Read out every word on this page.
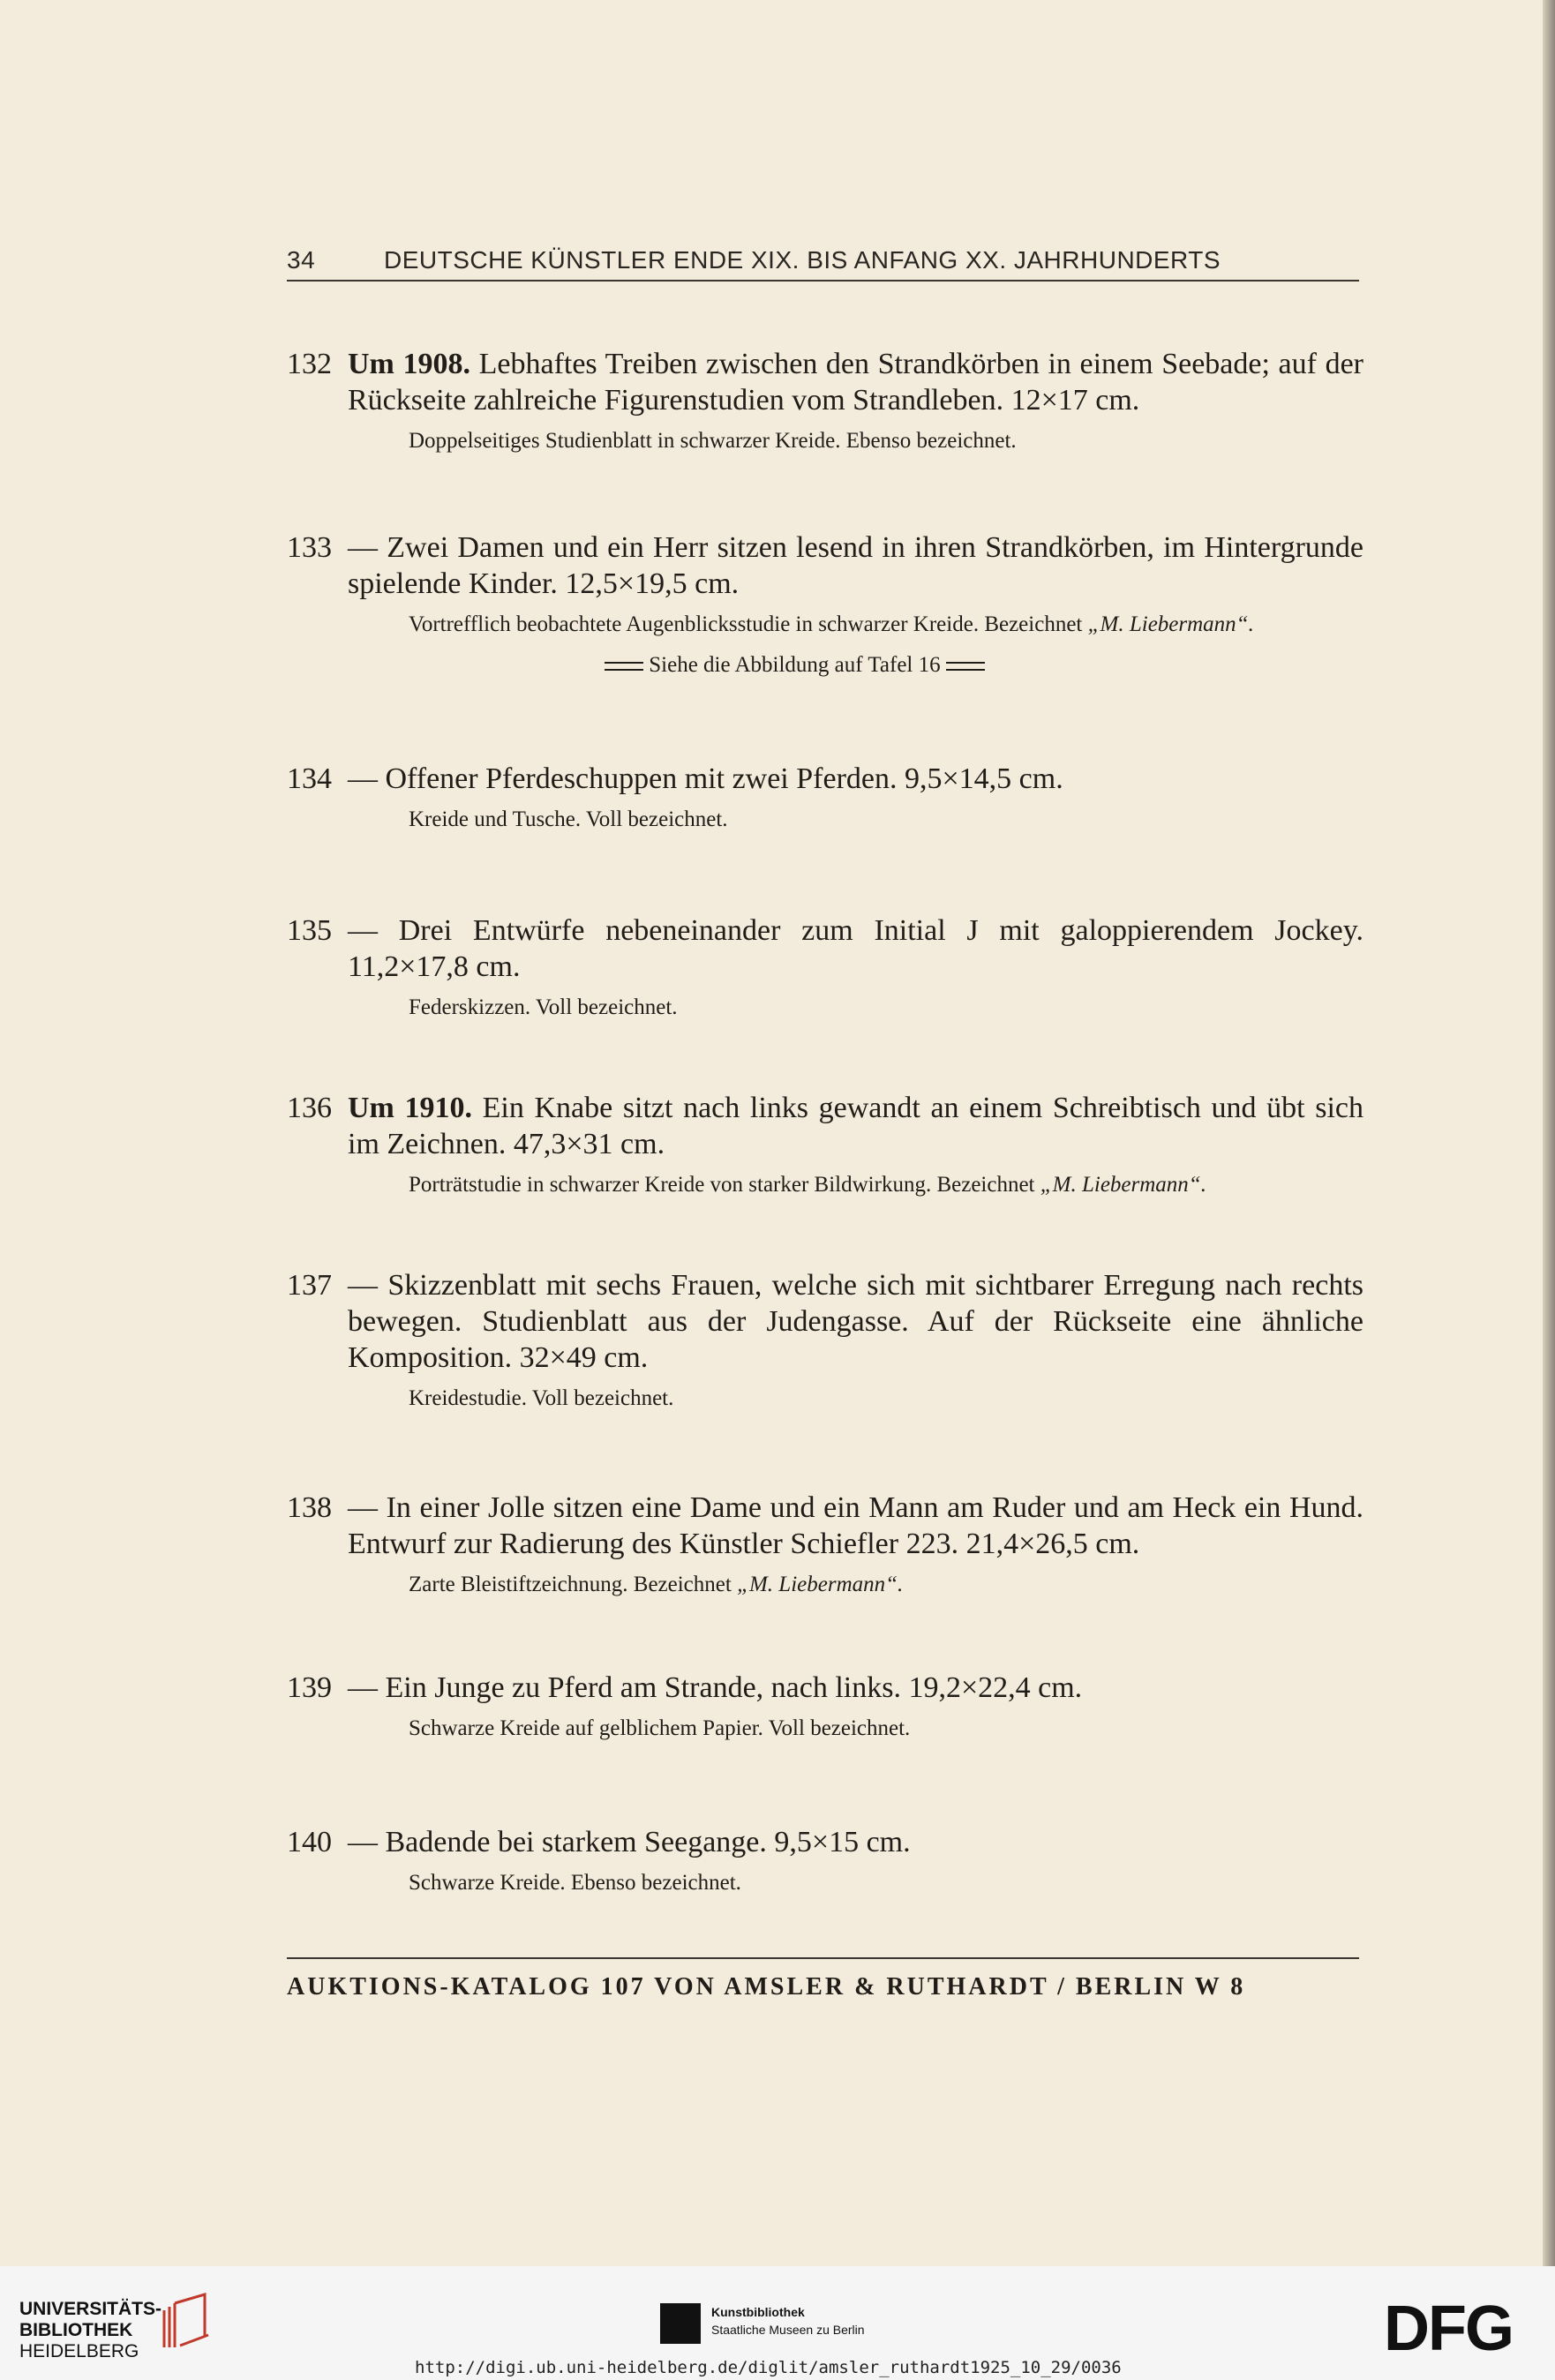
34	DEUTSCHE KÜNSTLER ENDE XIX. BIS ANFANG XX. JAHRHUNDERTS
132 Um 1908. Lebhaftes Treiben zwischen den Strandkörben in einem Seebade; auf der Rückseite zahlreiche Figurenstudien vom Strandleben. 12×17 cm.
Doppelseitiges Studienblatt in schwarzer Kreide. Ebenso bezeichnet.
133 — Zwei Damen und ein Herr sitzen lesend in ihren Strandkörben, im Hintergrunde spielende Kinder. 12,5×19,5 cm.
Vortrefflich beobachtete Augenblicksstudie in schwarzer Kreide. Bezeichnet „M. Liebermann“.
Siehe die Abbildung auf Tafel 16
134 — Offener Pferdeschuppen mit zwei Pferden. 9,5×14,5 cm.
Kreide und Tusche. Voll bezeichnet.
135 — Drei Entwürfe nebeneinander zum Initial J mit galoppierendem Jockey. 11,2×17,8 cm.
Federskizzen. Voll bezeichnet.
136 Um 1910. Ein Knabe sitzt nach links gewandt an einem Schreibtisch und übt sich im Zeichnen. 47,3×31 cm.
Porträtstudie in schwarzer Kreide von starker Bildwirkung. Bezeichnet „M. Liebermann“.
137 — Skizzenblatt mit sechs Frauen, welche sich mit sichtbarer Erregung nach rechts bewegen. Studienblatt aus der Judengasse. Auf der Rückseite eine ähnliche Komposition. 32×49 cm.
Kreidestudie. Voll bezeichnet.
138 — In einer Jolle sitzen eine Dame und ein Mann am Ruder und am Heck ein Hund. Entwurf zur Radierung des Künstler Schiefler 223. 21,4×26,5 cm.
Zarte Bleistiftzeichnung. Bezeichnet „M. Liebermann“.
139 — Ein Junge zu Pferd am Strande, nach links. 19,2×22,4 cm.
Schwarze Kreide auf gelblichem Papier. Voll bezeichnet.
140 — Badende bei starkem Seegange. 9,5×15 cm.
Schwarze Kreide. Ebenso bezeichnet.
AUKTIONS-KATALOG 107 VON AMSLER & RUTHARDT / BERLIN W 8
UNIVERSITÄTS-
BIBLIOTHEK
HEIDELBERG
Kunstbibliothek
Staatliche Museen zu Berlin	DFG
http://digi.ub.uni-heidelberg.de/diglit/amsler_ruthardt1925_10_29/0036
